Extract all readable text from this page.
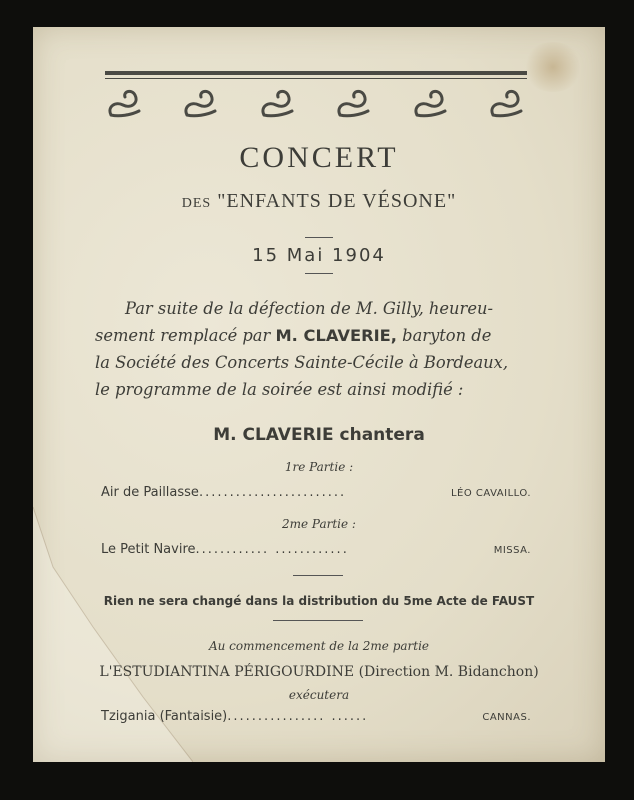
CONCERT
DES "ENFANTS DE VÉSONE"
15 Mai 1904
Par suite de la défection de M. Gilly, heureu-
sement remplacé par M. CLAVERIE, baryton de
la Société des Concerts Sainte-Cécile à Bordeaux,
le programme de la soirée est ainsi modifié :
M. CLAVERIE chantera
1re Partie :
Air de Paillasse ........................	LÉO CAVAILLO.
2me Partie :
Le Petit Navire ............ ............	MISSA.
Rien ne sera changé dans la distribution du 5me Acte de FAUST
Au commencement de la 2me partie
L'ESTUDIANTINA PÉRIGOURDINE (Direction M. Bidanchon)
exécutera
Tzigania
(Fantaisie) ................ ......	CANNAS.
